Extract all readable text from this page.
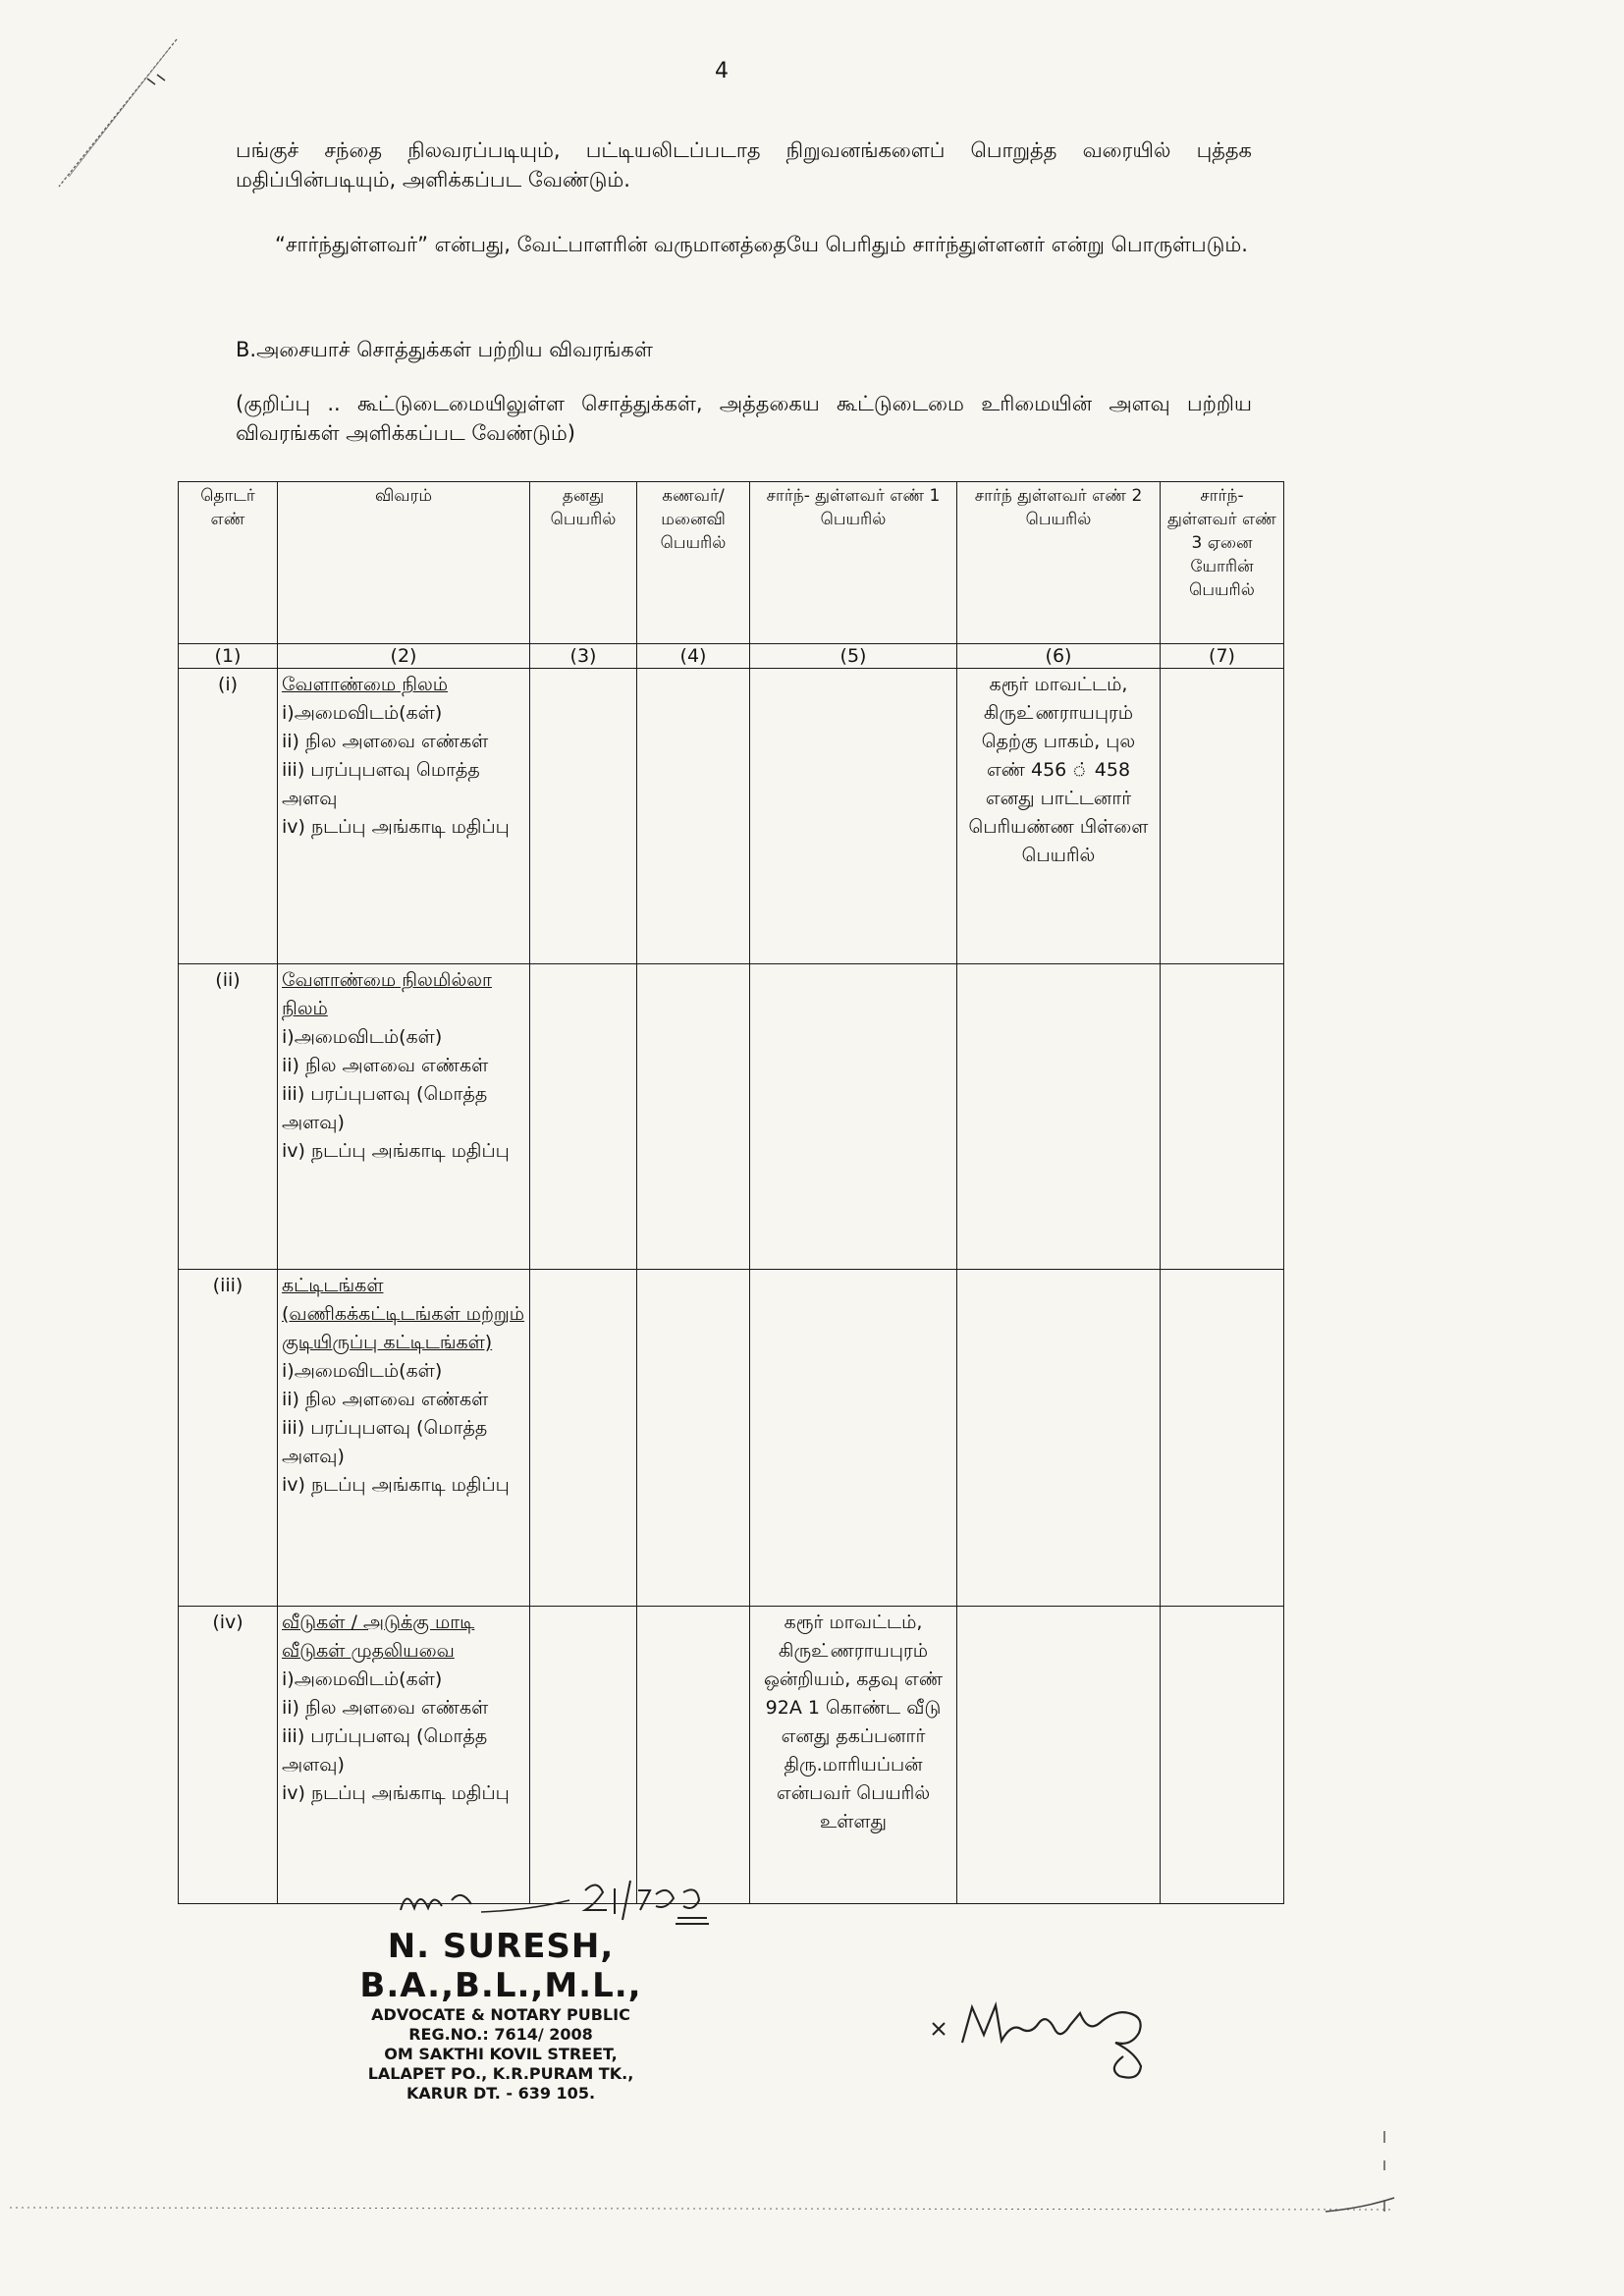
4
பங்குச் சந்தை நிலவரப்படியும், பட்டியலிடப்படாத நிறுவனங்களைப் பொறுத்த வரையில் புத்தக மதிப்பின்படியும், அளிக்கப்பட வேண்டும்.
“சார்ந்துள்ளவர்” என்பது, வேட்பாளரின் வருமானத்தையே பெரிதும் சார்ந்துள்ளனர் என்று பொருள்படும்.
B.அசையாச் சொத்துக்கள் பற்றிய விவரங்கள்
(குறிப்பு .. கூட்டுடைமையிலுள்ள சொத்துக்கள், அத்தகைய கூட்டுடைமை உரிமையின் அளவு பற்றிய விவரங்கள் அளிக்கப்பட வேண்டும்)
தொடர் எண்	விவரம்	தனது பெயரில்	கணவர்/ மனைவி பெயரில்	சார்ந்- துள்ளவர் எண் 1 பெயரில்	சார்ந் துள்ளவர் எண் 2 பெயரில்	சார்ந்- துள்ளவர் எண் 3 ஏனை யோரின் பெயரில்
(1)	(2)	(3)	(4)	(5)	(6)	(7)
(i)	வேளாண்மை நிலம்
i)அமைவிடம்(கள்)
ii) நில அளவை எண்கள்
iii) பரப்புபளவு மொத்த அளவு
iv) நடப்பு அங்காடி மதிப்பு				கரூர் மாவட்டம், கிருஉ்ணராயபுரம் தெற்கு பாகம், புல எண் 456 ் 458 எனது பாட்டனார் பெரியண்ண பிள்ளை பெயரில்	

(ii)	வேளாண்மை நிலமில்லா நிலம்
i)அமைவிடம்(கள்)
ii) நில அளவை எண்கள்
iii) பரப்புபளவு (மொத்த அளவு)
iv) நடப்பு அங்காடி மதிப்பு					

(iii)	கட்டிடங்கள் (வணிகக்கட்டிடங்கள் மற்றும் குடியிருப்பு கட்டிடங்கள்)
i)அமைவிடம்(கள்)
ii) நில அளவை எண்கள்
iii) பரப்புபளவு (மொத்த அளவு)
iv) நடப்பு அங்காடி மதிப்பு					

(iv)	வீடுகள் / அடுக்கு மாடி வீடுகள் முதலியவை
i)அமைவிடம்(கள்)
ii) நில அளவை எண்கள்
iii) பரப்புபளவு (மொத்த அளவு)
iv) நடப்பு அங்காடி மதிப்பு			கரூர் மாவட்டம், கிருஉ்ணராயபுரம் ஒன்றியம், கதவு எண் 92A 1 கொண்ட வீடு எனது தகப்பனார் திரு.மாரியப்பன் என்பவர் பெயரில் உள்ளது		

N. SURESH, B.A.,B.L.,M.L.,
ADVOCATE & NOTARY PUBLIC
REG.NO.: 7614/ 2008
OM SAKTHI KOVIL STREET,
LALAPET PO., K.R.PURAM TK.,
KARUR DT. - 639 105.
